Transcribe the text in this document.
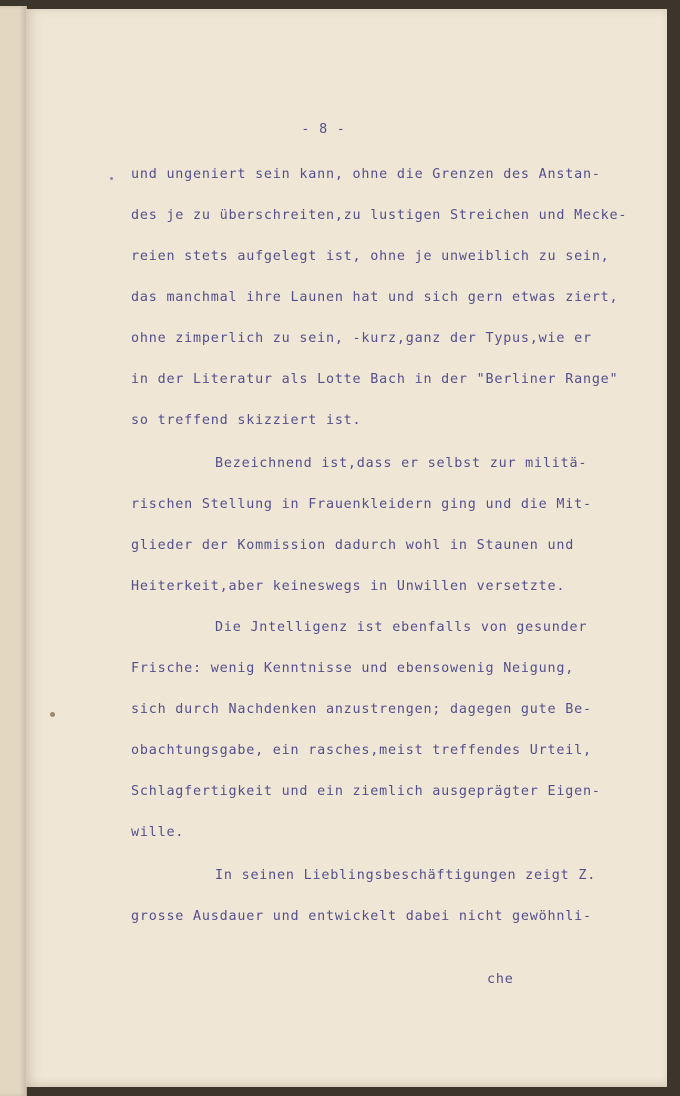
- 8 -
und ungeniert sein kann, ohne die Grenzen des Anstan-
des je zu überschreiten,zu lustigen Streichen und Mecke-
reien stets aufgelegt ist, ohne je unweiblich zu sein,
das manchmal ihre Launen hat und sich gern etwas ziert,
ohne zimperlich zu sein, -kurz,ganz der Typus,wie er
in der Literatur als Lotte Bach in der "Berliner Range"
so treffend skizziert ist.
Bezeichnend ist,dass er selbst zur militä-
rischen Stellung in Frauenkleidern ging und die Mit-
glieder der Kommission dadurch wohl in Staunen und
Heiterkeit,aber keineswegs in Unwillen versetzte.
Die Jntelligenz ist ebenfalls von gesunder
Frische: wenig Kenntnisse und ebensowenig Neigung,
sich durch Nachdenken anzustrengen; dagegen gute Be-
obachtungsgabe, ein rasches,meist treffendes Urteil,
Schlagfertigkeit und ein ziemlich ausgeprägter Eigen-
wille.
In seinen Lieblingsbeschäftigungen zeigt Z.
grosse Ausdauer und entwickelt dabei nicht gewöhnli-
che
